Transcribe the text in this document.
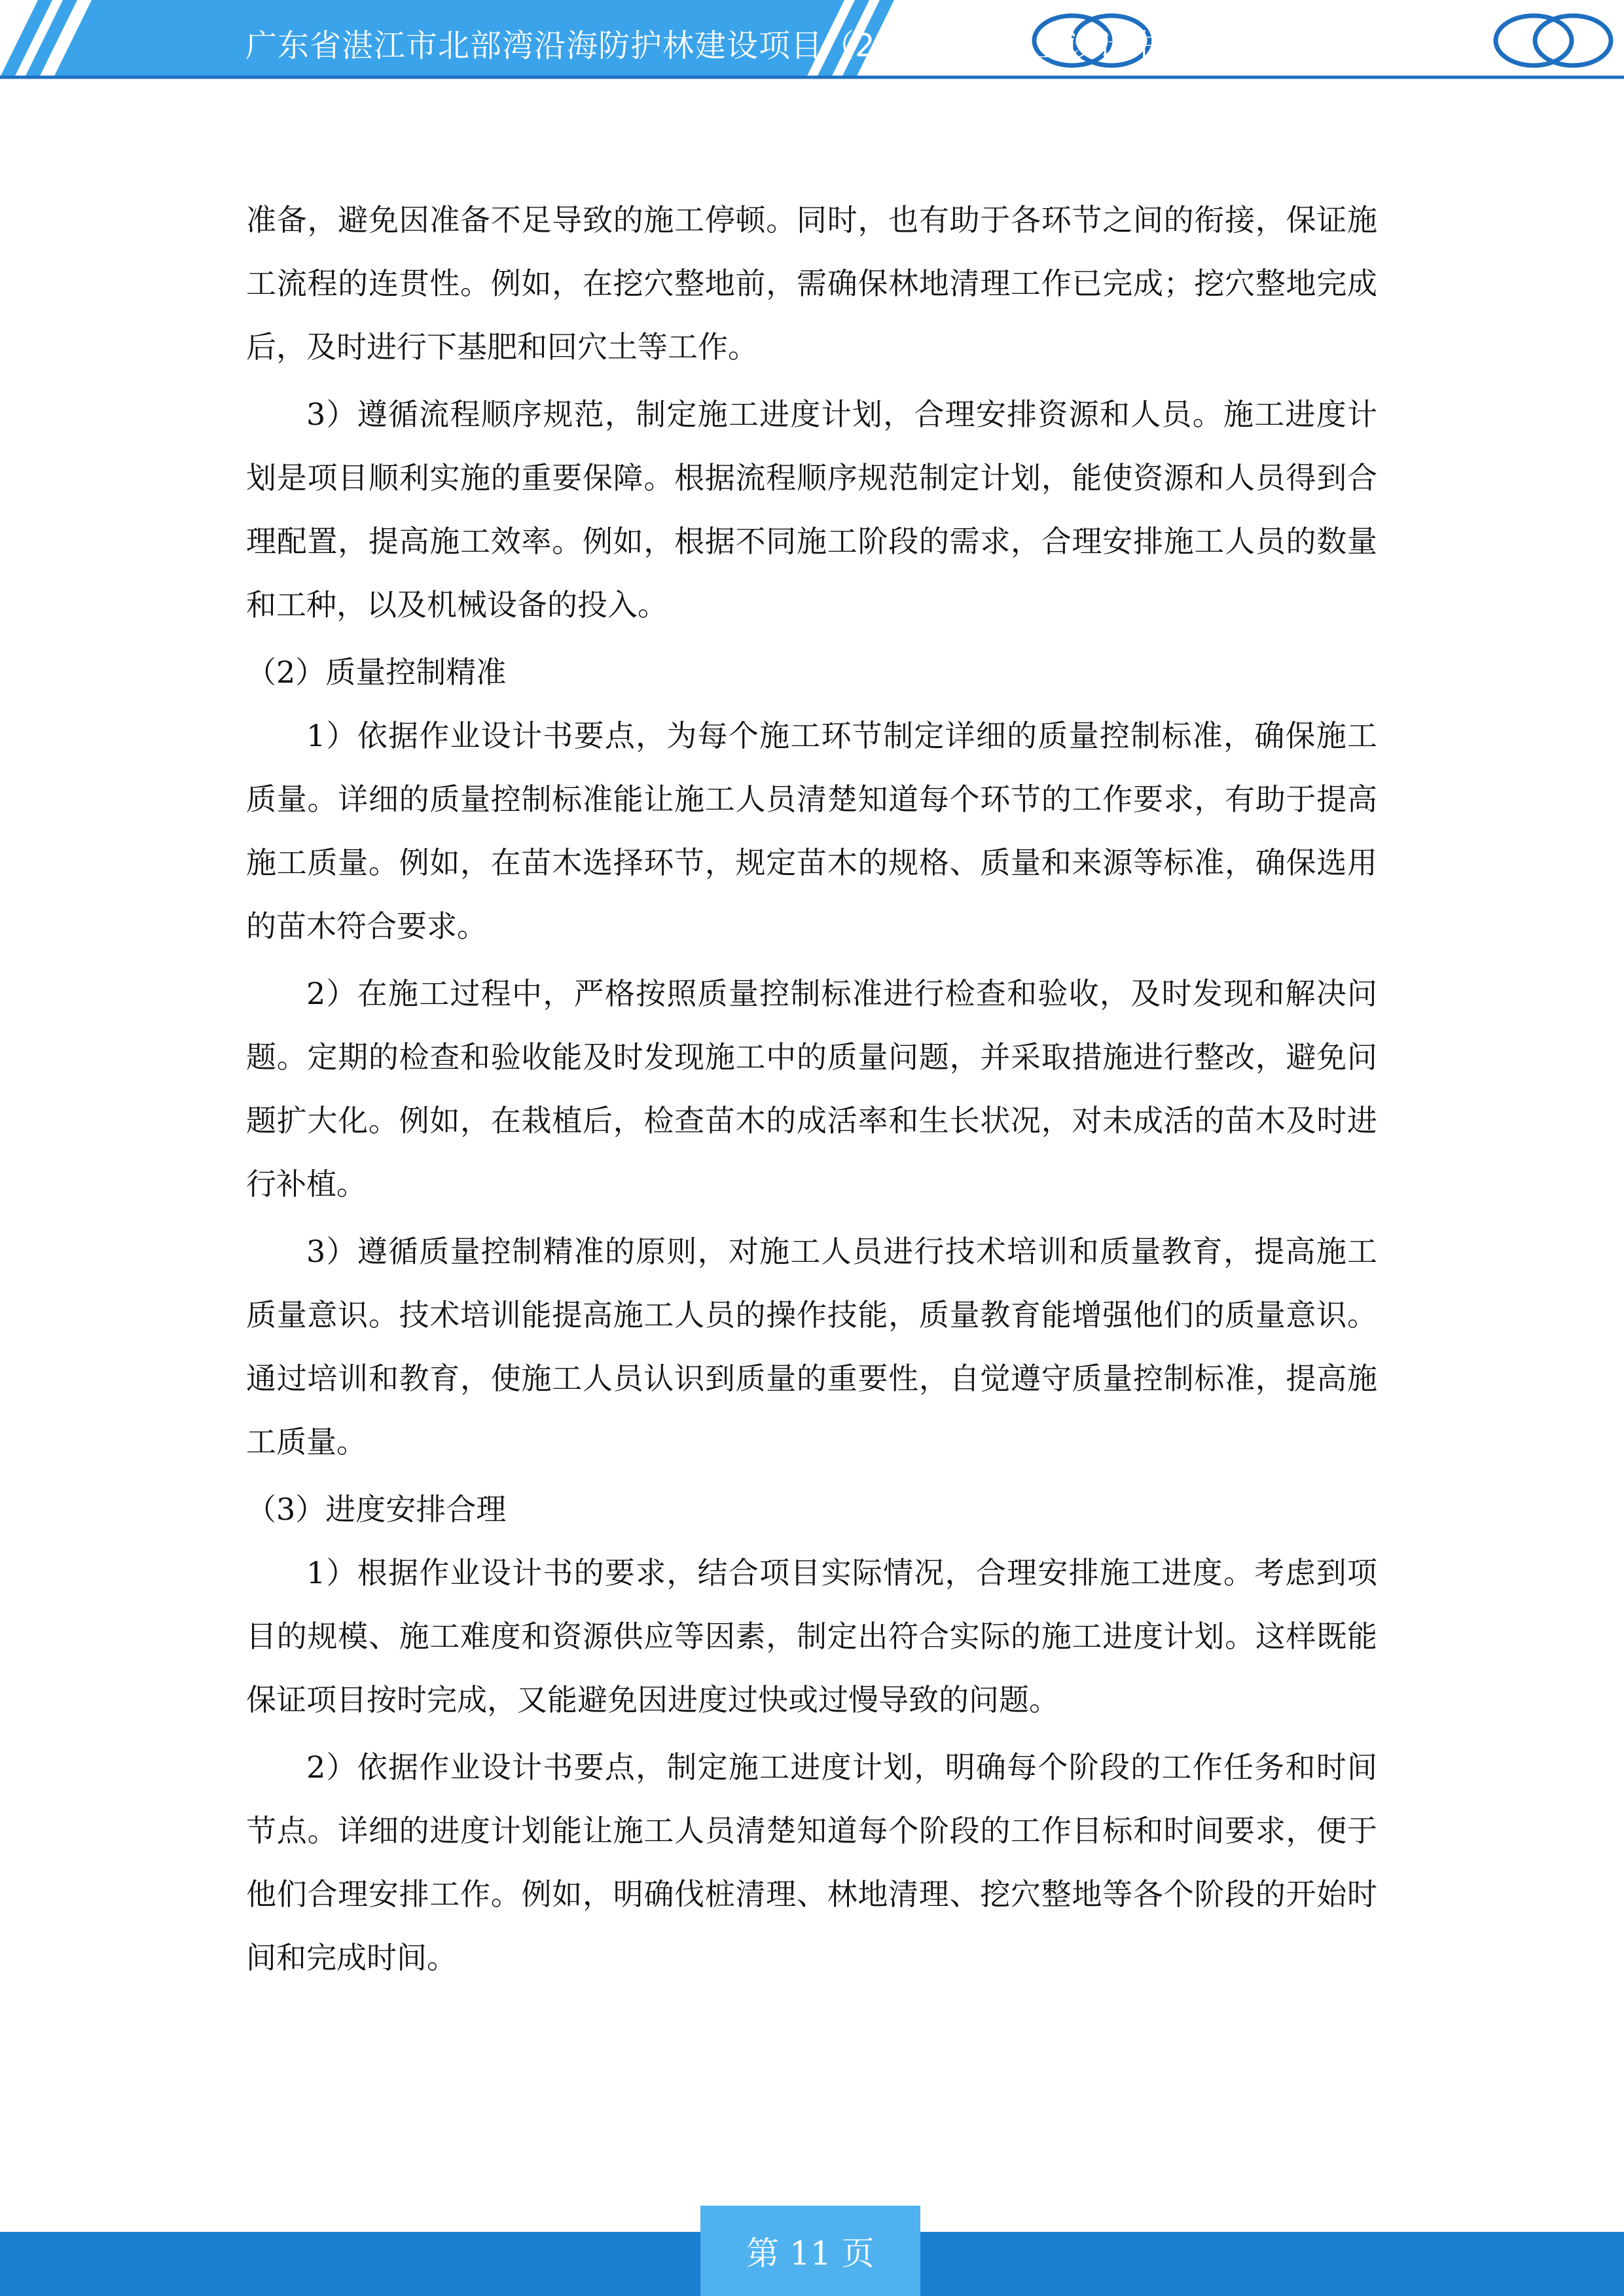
广东省湛江市北部湾沿海防护林建设项目（2024年）作业设计书

准备，避免因准备不足导致的施工停顿。同时，也有助于各环节之间的衔接，保证施工流程的连贯性。例如，在挖穴整地前，需确保林地清理工作已完成；挖穴整地完成后，及时进行下基肥和回穴土等工作。

3）遵循流程顺序规范，制定施工进度计划，合理安排资源和人员。施工进度计划是项目顺利实施的重要保障。根据流程顺序规范制定计划，能使资源和人员得到合理配置，提高施工效率。例如，根据不同施工阶段的需求，合理安排施工人员的数量和工种，以及机械设备的投入。

（2）质量控制精准

1）依据作业设计书要点，为每个施工环节制定详细的质量控制标准，确保施工质量。详细的质量控制标准能让施工人员清楚知道每个环节的工作要求，有助于提高施工质量。例如，在苗木选择环节，规定苗木的规格、质量和来源等标准，确保选用的苗木符合要求。

2）在施工过程中，严格按照质量控制标准进行检查和验收，及时发现和解决问题。定期的检查和验收能及时发现施工中的质量问题，并采取措施进行整改，避免问题扩大化。例如，在栽植后，检查苗木的成活率和生长状况，对未成活的苗木及时进行补植。

3）遵循质量控制精准的原则，对施工人员进行技术培训和质量教育，提高施工质量意识。技术培训能提高施工人员的操作技能，质量教育能增强他们的质量意识。通过培训和教育，使施工人员认识到质量的重要性，自觉遵守质量控制标准，提高施工质量。

（3）进度安排合理

1）根据作业设计书的要求，结合项目实际情况，合理安排施工进度。考虑到项目的规模、施工难度和资源供应等因素，制定出符合实际的施工进度计划。这样既能保证项目按时完成，又能避免因进度过快或过慢导致的问题。

2）依据作业设计书要点，制定施工进度计划，明确每个阶段的工作任务和时间节点。详细的进度计划能让施工人员清楚知道每个阶段的工作目标和时间要求，便于他们合理安排工作。例如，明确伐桩清理、林地清理、挖穴整地等各个阶段的开始时间和完成时间。

第 11 页
